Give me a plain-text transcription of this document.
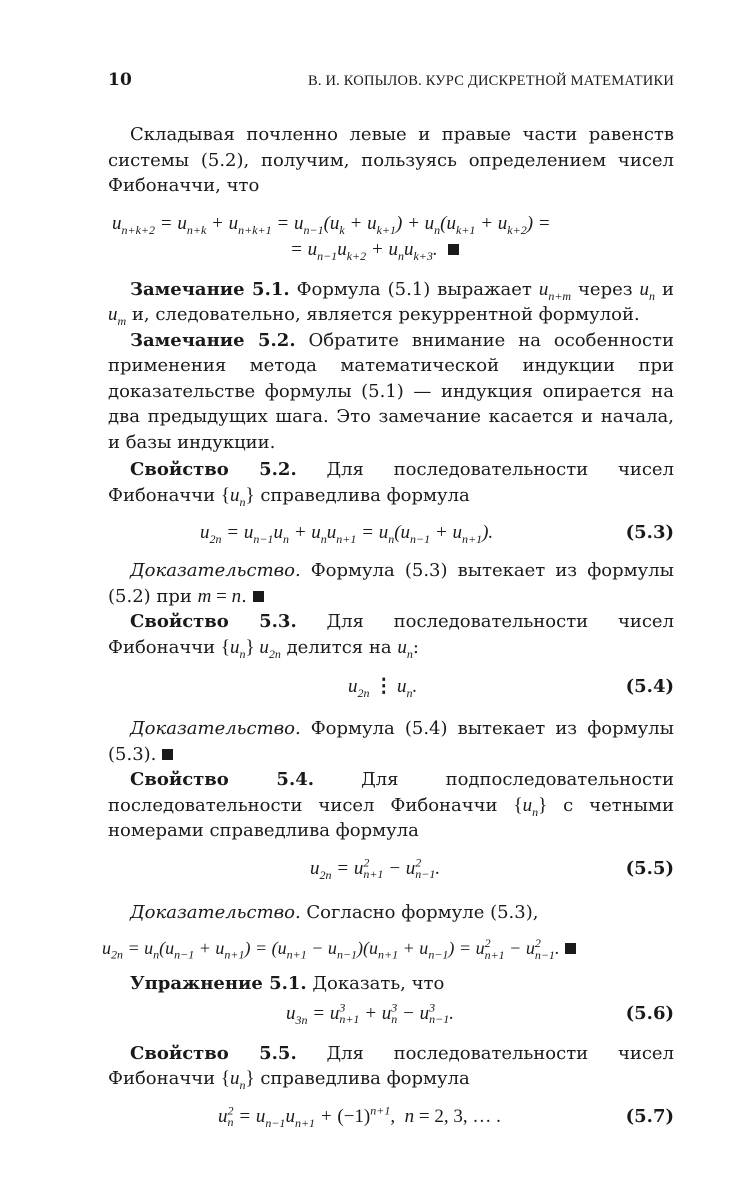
10	В. И. КОПЫЛОВ. КУРС ДИСКРЕТНОЙ МАТЕМАТИКИ

Складывая почленно левые и правые части равенств системы (5.2), получим, пользуясь определением чисел Фибоначчи, что

$u_{n+k+2} = u_{n+k} + u_{n+k+1} = u_{n-1}(u_k + u_{k+1}) + u_n(u_{k+1} + u_{k+2})$ =
= $u_{n-1}u_{k+2} + u_nu_{k+3}$.

Замечание 5.1. Формула (5.1) выражает $u_{n+m}$ через $u_n$ и $u_m$ и, следовательно, является рекуррентной формулой.

Замечание 5.2. Обратите внимание на особенности применения метода математической индукции при доказательстве формулы (5.1) — индукция опирается на два предыдущих шага. Это замечание касается и начала, и базы индукции.

Свойство 5.2. Для последовательности чисел Фибоначчи $\{u_n\}$ справедлива формула

$u_{2n} = u_{n-1}u_n + u_nu_{n+1} = u_n(u_{n-1} + u_{n+1})$.	(5.3)

Доказательство. Формула (5.3) вытекает из формулы (5.2) при m = n.

Свойство 5.3. Для последовательности чисел Фибоначчи $\{u_n\}$ $u_{2n}$ делится на $u_n$:

$u_{2n}$ ⋮ $u_n$.	(5.4)

Доказательство. Формула (5.4) вытекает из формулы (5.3).

Свойство 5.4. Для подпоследовательности последовательности чисел Фибоначчи $\{u_n\}$ с четными номерами справедлива формула

$u_{2n} = u^2_{n+1} - u^2_{n-1}$.	(5.5)

Доказательство. Согласно формуле (5.3),

$u_{2n} = u_n(u_{n-1} + u_{n+1}) = (u_{n+1} - u_{n-1})(u_{n+1} + u_{n-1}) = u^2_{n+1} - u^2_{n-1}$.

Упражнение 5.1. Доказать, что

$u_{3n} = u^3_{n+1} + u^3_n - u^3_{n-1}$.	(5.6)

Свойство 5.5. Для последовательности чисел Фибоначчи $\{u_n\}$ справедлива формула

$u^2_n = u_{n-1}u_{n+1} + (-1)^{n+1}$,  n = 2, 3, … .	(5.7)
